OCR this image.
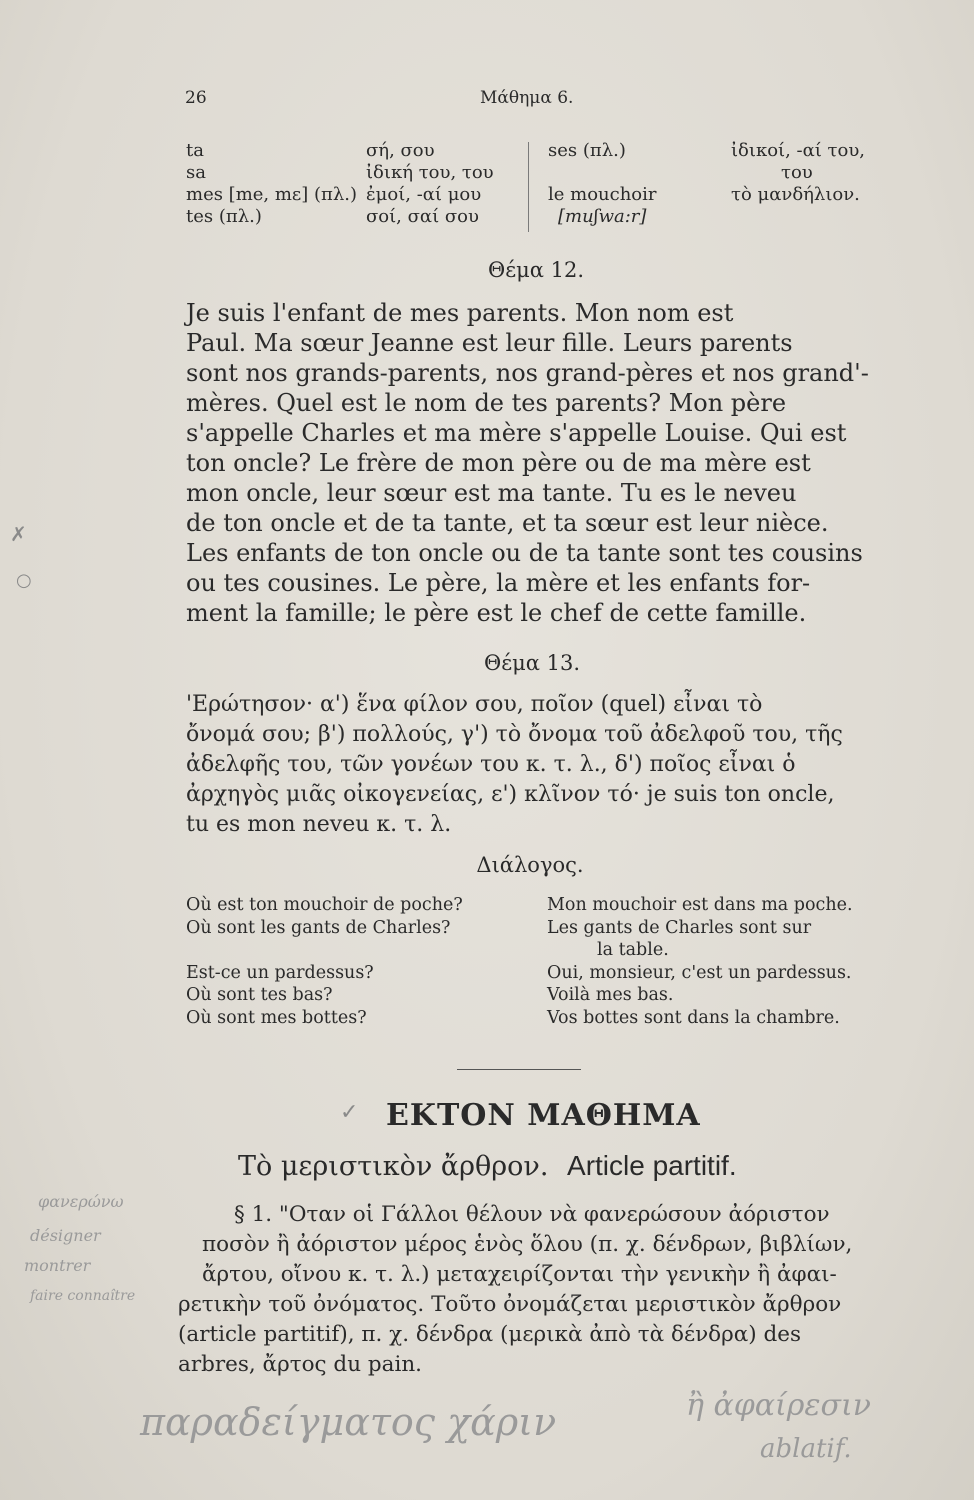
26	Μάθημα 6.
ta
sa
mes [me, mɛ] (πλ.)
tes (πλ.)
σή, σου
ἰδική του, του
ἐμοί, -αί μου
σοί, σαί σου
ses (πλ.)

le mouchoir
[muʃwa:r]
ἰδικοί, -αί του,
του
τὸ μανδήλιον.
Θέμα 12.
Je suis l'enfant de mes parents. Mon nom est
Paul. Ma sœur Jeanne est leur fille. Leurs parents
sont nos grands-parents, nos grand-pères et nos grand'-
mères. Quel est le nom de tes parents? Mon père
s'appelle Charles et ma mère s'appelle Louise. Qui est
ton oncle? Le frère de mon père ou de ma mère est
mon oncle, leur sœur est ma tante. Tu es le neveu
de ton oncle et de ta tante, et ta sœur est leur nièce.
Les enfants de ton oncle ou de ta tante sont tes cousins
ou tes cousines. Le père, la mère et les enfants for-
ment la famille; le père est le chef de cette famille.
Θέμα 13.
'Ερώτησον· α') ἕνα φίλον σου, ποῖον (quel) εἶναι τὸ
ὄνομά σου; β') πολλούς, γ') τὸ ὄνομα τοῦ ἀδελφοῦ του, τῆς
ἀδελφῆς του, τῶν γονέων του κ. τ. λ., δ') ποῖος εἶναι ὁ
ἀρχηγὸς μιᾶς οἰκογενείας, ε') κλῖνον τό· je suis ton oncle,
tu es mon neveu κ. τ. λ.
Διάλογος.
Où est ton mouchoir de poche?
Où sont les gants de Charles?

Est-ce un pardessus?
Où sont tes bas?
Où sont mes bottes?
Mon mouchoir est dans ma poche.
Les gants de Charles sont sur
la table.
Oui, monsieur, c'est un pardessus.
Voilà mes bas.
Vos bottes sont dans la chambre.
✓ ΕΚΤΟΝ ΜΑΘΗΜΑ
Τὸ μεριστικὸν ἄρθρον. Article partitif.
§ 1. "Οταν οἱ Γάλλοι θέλουν νὰ φανερώσουν ἀόριστον
ποσὸν ἢ ἀόριστον μέρος ἑνὸς ὅλου (π. χ. δένδρων, βιβλίων,
ἄρτου, οἴνου κ. τ. λ.) μεταχειρίζονται τὴν γενικὴν ἢ ἀφαι-
ρετικὴν τοῦ ὀνόματος. Τοῦτο ὀνομάζεται μεριστικὸν ἄρθρον
(article partitif), π. χ. δένδρα (μερικὰ ἀπὸ τὰ δένδρα) des
arbres, ἄρτος du pain.
✗
○
φανερώνω
désigner
montrer
faire connaître
παραδείγματος χάριν	ἢ ἀφαίρεσιν
ablatif.
